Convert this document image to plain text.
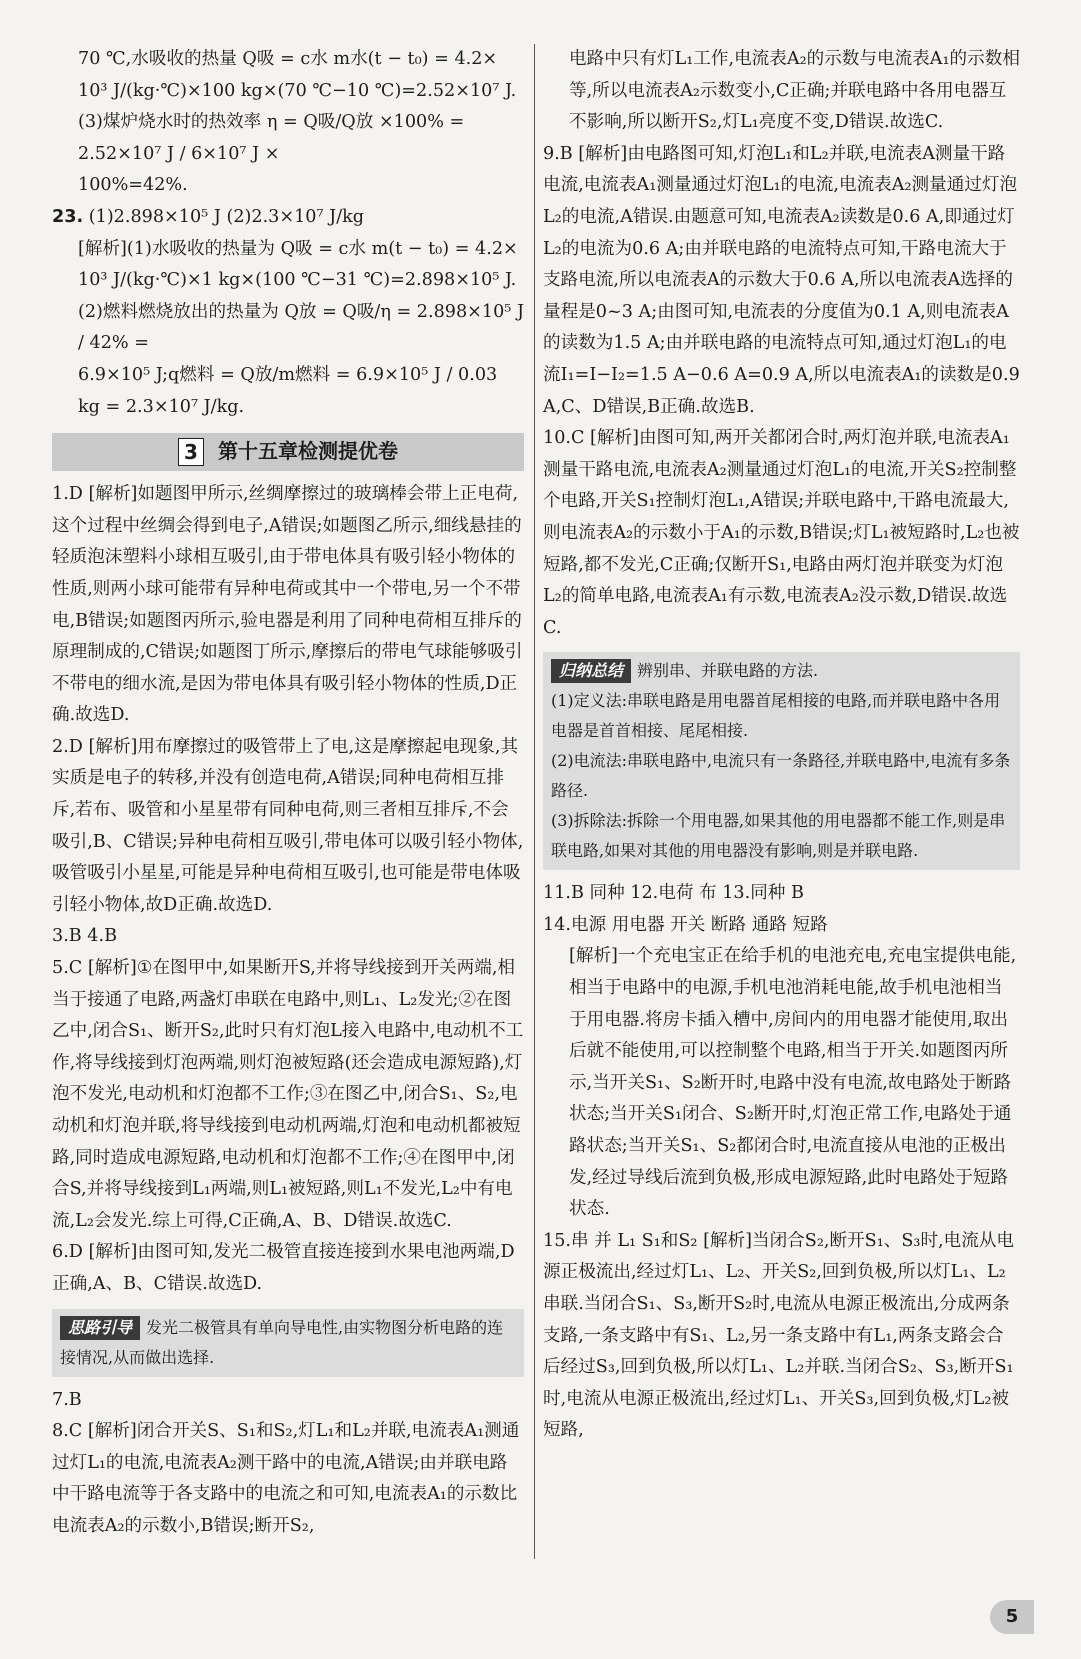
70 ℃,水吸收的热量 Q吸 = c水 m水(t − t₀) = 4.2×

10³ J/(kg·℃)×100 kg×(70 ℃−10 ℃)=2.52×10⁷ J.

(3)煤炉烧水时的热效率 η = Q吸/Q放 ×100% = 2.52×10⁷ J / 6×10⁷ J ×

100%=42%.

23. (1)2.898×10⁵ J (2)2.3×10⁷ J/kg

[解析](1)水吸收的热量为 Q吸 = c水 m(t − t₀) = 4.2×

10³ J/(kg·℃)×1 kg×(100 ℃−31 ℃)=2.898×10⁵ J.

(2)燃料燃烧放出的热量为 Q放 = Q吸/η = 2.898×10⁵ J / 42% =

6.9×10⁵ J;q燃料 = Q放/m燃料 = 6.9×10⁵ J / 0.03 kg = 2.3×10⁷ J/kg.

3	第十五章检测提优卷

1.D [解析]如题图甲所示,丝绸摩擦过的玻璃棒会带上正电荷,这个过程中丝绸会得到电子,A错误;如题图乙所示,细线悬挂的轻质泡沫塑料小球相互吸引,由于带电体具有吸引轻小物体的性质,则两小球可能带有异种电荷或其中一个带电,另一个不带电,B错误;如题图丙所示,验电器是利用了同种电荷相互排斥的原理制成的,C错误;如题图丁所示,摩擦后的带电气球能够吸引不带电的细水流,是因为带电体具有吸引轻小物体的性质,D正确.故选D.

2.D [解析]用布摩擦过的吸管带上了电,这是摩擦起电现象,其实质是电子的转移,并没有创造电荷,A错误;同种电荷相互排斥,若布、吸管和小星星带有同种电荷,则三者相互排斥,不会吸引,B、C错误;异种电荷相互吸引,带电体可以吸引轻小物体,吸管吸引小星星,可能是异种电荷相互吸引,也可能是带电体吸引轻小物体,故D正确.故选D.

3.B 4.B

5.C [解析]①在图甲中,如果断开S,并将导线接到开关两端,相当于接通了电路,两盏灯串联在电路中,则L₁、L₂发光;②在图乙中,闭合S₁、断开S₂,此时只有灯泡L接入电路中,电动机不工作,将导线接到灯泡两端,则灯泡被短路(还会造成电源短路),灯泡不发光,电动机和灯泡都不工作;③在图乙中,闭合S₁、S₂,电动机和灯泡并联,将导线接到电动机两端,灯泡和电动机都被短路,同时造成电源短路,电动机和灯泡都不工作;④在图甲中,闭合S,并将导线接到L₁两端,则L₁被短路,则L₁不发光,L₂中有电流,L₂会发光.综上可得,C正确,A、B、D错误.故选C.

6.D [解析]由图可知,发光二极管直接连接到水果电池两端,D正确,A、B、C错误.故选D.

思路引导 发光二极管具有单向导电性,由实物图分析电路的连接情况,从而做出选择.

7.B

8.C [解析]闭合开关S、S₁和S₂,灯L₁和L₂并联,电流表A₁测通过灯L₁的电流,电流表A₂测干路中的电流,A错误;由并联电路中干路电流等于各支路中的电流之和可知,电流表A₁的示数比电流表A₂的示数小,B错误;断开S₂,

电路中只有灯L₁工作,电流表A₂的示数与电流表A₁的示数相等,所以电流表A₂示数变小,C正确;并联电路中各用电器互不影响,所以断开S₂,灯L₁亮度不变,D错误.故选C.

9.B [解析]由电路图可知,灯泡L₁和L₂并联,电流表A测量干路电流,电流表A₁测量通过灯泡L₁的电流,电流表A₂测量通过灯泡L₂的电流,A错误.由题意可知,电流表A₂读数是0.6 A,即通过灯L₂的电流为0.6 A;由并联电路的电流特点可知,干路电流大于支路电流,所以电流表A的示数大于0.6 A,所以电流表A选择的量程是0~3 A;由图可知,电流表的分度值为0.1 A,则电流表A的读数为1.5 A;由并联电路的电流特点可知,通过灯泡L₁的电流I₁=I−I₂=1.5 A−0.6 A=0.9 A,所以电流表A₁的读数是0.9 A,C、D错误,B正确.故选B.

10.C [解析]由图可知,两开关都闭合时,两灯泡并联,电流表A₁测量干路电流,电流表A₂测量通过灯泡L₁的电流,开关S₂控制整个电路,开关S₁控制灯泡L₁,A错误;并联电路中,干路电流最大,则电流表A₂的示数小于A₁的示数,B错误;灯L₁被短路时,L₂也被短路,都不发光,C正确;仅断开S₁,电路由两灯泡并联变为灯泡L₂的简单电路,电流表A₁有示数,电流表A₂没示数,D错误.故选C.

归纳总结 辨别串、并联电路的方法.
(1)定义法:串联电路是用电器首尾相接的电路,而并联电路中各用电器是首首相接、尾尾相接.
(2)电流法:串联电路中,电流只有一条路径,并联电路中,电流有多条路径.
(3)拆除法:拆除一个用电器,如果其他的用电器都不能工作,则是串联电路,如果对其他的用电器没有影响,则是并联电路.

11.B 同种 12.电荷 布 13.同种 B

14.电源 用电器 开关 断路 通路 短路

[解析]一个充电宝正在给手机的电池充电,充电宝提供电能,相当于电路中的电源,手机电池消耗电能,故手机电池相当于用电器.将房卡插入槽中,房间内的用电器才能使用,取出后就不能使用,可以控制整个电路,相当于开关.如题图丙所示,当开关S₁、S₂断开时,电路中没有电流,故电路处于断路状态;当开关S₁闭合、S₂断开时,灯泡正常工作,电路处于通路状态;当开关S₁、S₂都闭合时,电流直接从电池的正极出发,经过导线后流到负极,形成电源短路,此时电路处于短路状态.

15.串 并 L₁ S₁和S₂ [解析]当闭合S₂,断开S₁、S₃时,电流从电源正极流出,经过灯L₁、L₂、开关S₂,回到负极,所以灯L₁、L₂串联.当闭合S₁、S₃,断开S₂时,电流从电源正极流出,分成两条支路,一条支路中有S₁、L₂,另一条支路中有L₁,两条支路会合后经过S₃,回到负极,所以灯L₁、L₂并联.当闭合S₂、S₃,断开S₁时,电流从电源正极流出,经过灯L₁、开关S₃,回到负极,灯L₂被短路,

5
